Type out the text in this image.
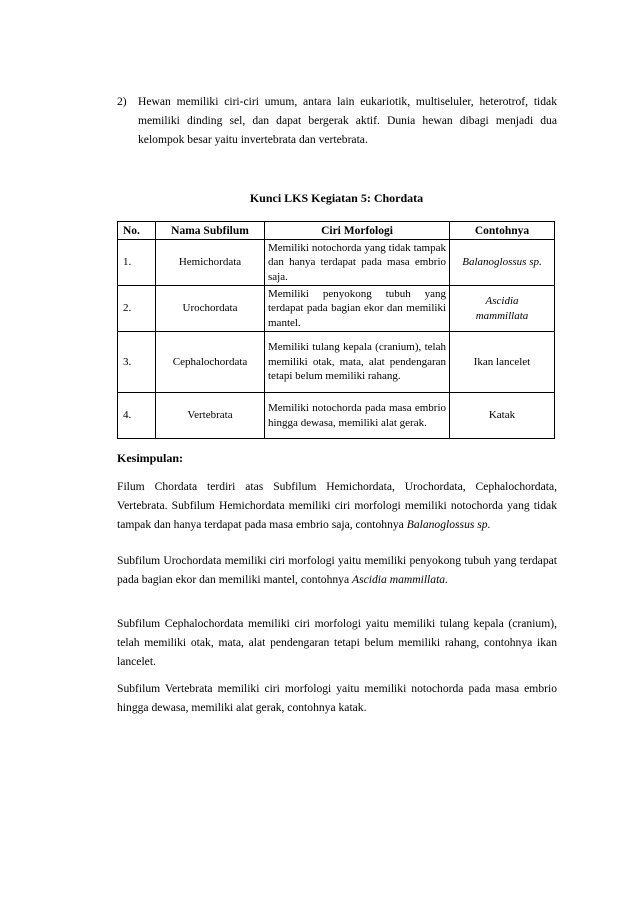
2) Hewan memiliki ciri-ciri umum, antara lain eukariotik, multiseluler, heterotrof, tidak memiliki dinding sel, dan dapat bergerak aktif. Dunia hewan dibagi menjadi dua kelompok besar yaitu invertebrata dan vertebrata.
Kunci LKS Kegiatan 5: Chordata
No.	Nama Subfilum	Ciri Morfologi	Contohnya
1.	Hemichordata	Memiliki notochorda yang tidak tampak dan hanya terdapat pada masa embrio saja.	Balanoglossus sp.
2.	Urochordata	Memiliki penyokong tubuh yang terdapat pada bagian ekor dan memiliki mantel.	Ascidia mammillata
3.	Cephalochordata	Memiliki tulang kepala (cranium), telah memiliki otak, mata, alat pendengaran tetapi belum memiliki rahang.	Ikan lancelet
4.	Vertebrata	Memiliki notochorda pada masa embrio hingga dewasa, memiliki alat gerak.	Katak
Kesimpulan:

Filum Chordata terdiri atas Subfilum Hemichordata, Urochordata, Cephalochordata, Vertebrata. Subfilum Hemichordata memiliki ciri morfologi memiliki notochorda yang tidak tampak dan hanya terdapat pada masa embrio saja, contohnya Balanoglossus sp.

Subfilum Urochordata memiliki ciri morfologi yaitu memiliki penyokong tubuh yang terdapat pada bagian ekor dan memiliki mantel, contohnya Ascidia mammillata.

Subfilum Cephalochordata memiliki ciri morfologi yaitu memiliki tulang kepala (cranium), telah memiliki otak, mata, alat pendengaran tetapi belum memiliki rahang, contohnya ikan lancelet.

Subfilum Vertebrata memiliki ciri morfologi yaitu memiliki notochorda pada masa embrio hingga dewasa, memiliki alat gerak, contohnya katak.
